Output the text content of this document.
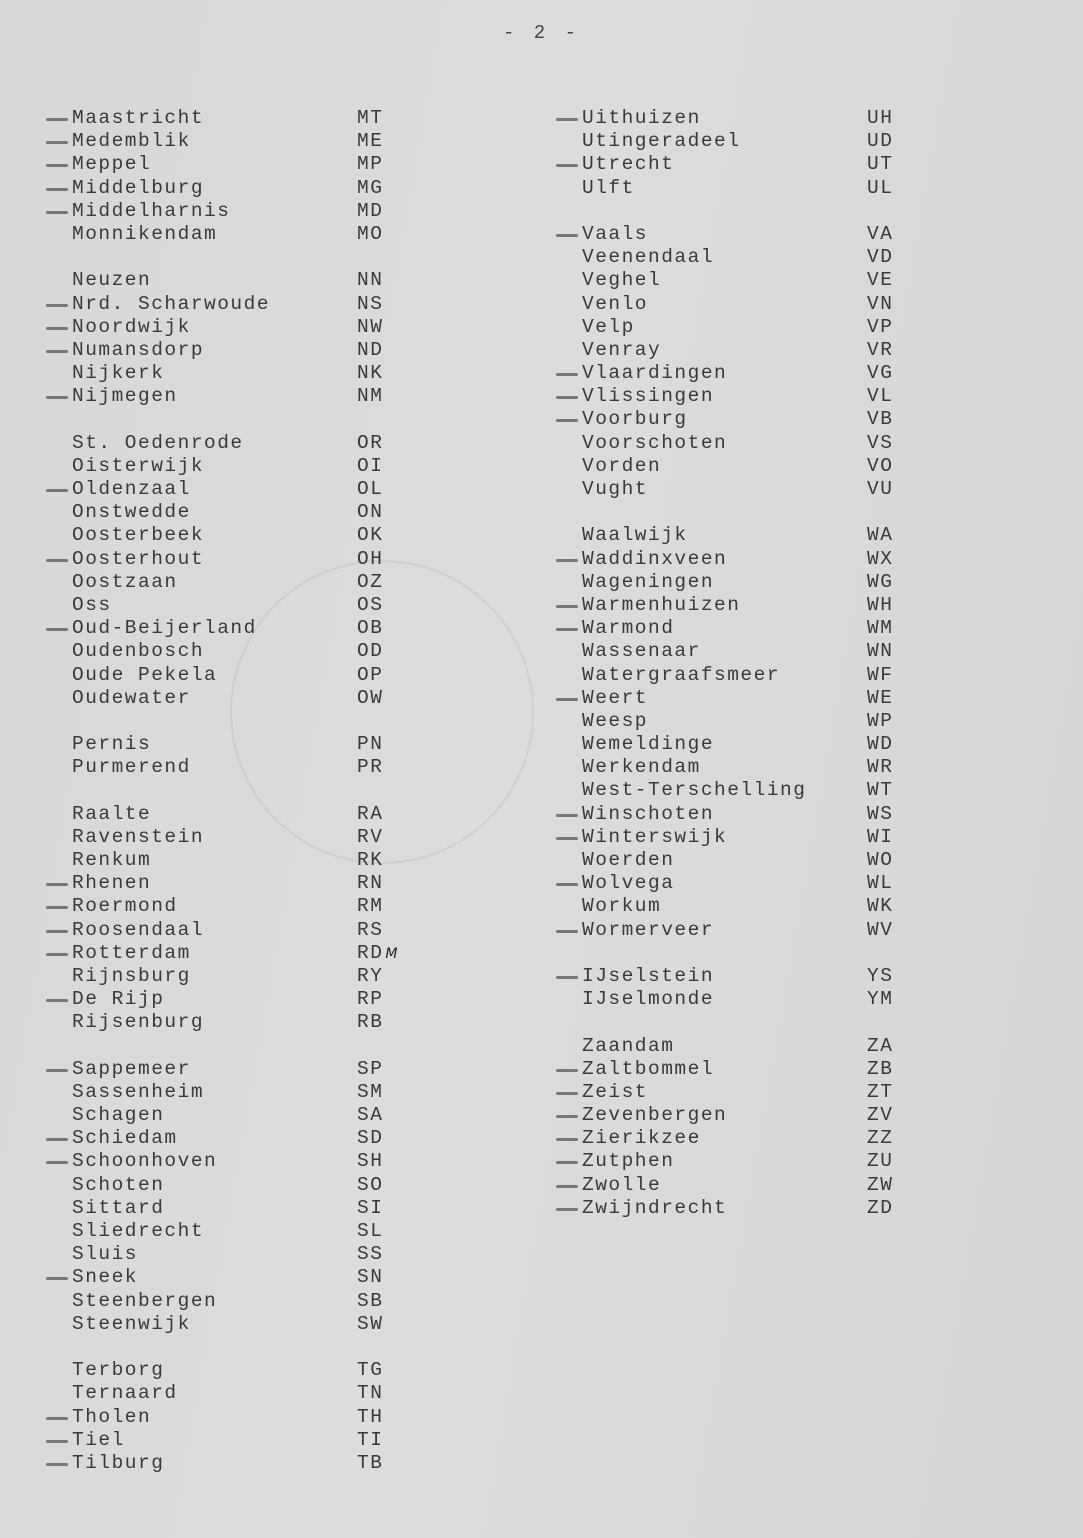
- 2 -
Maastricht	MT
Medemblik	ME
Meppel	MP
Middelburg	MG
Middelharnis	MD
Monnikendam	MO
Neuzen	NN
Nrd. Scharwoude	NS
Noordwijk	NW
Numansdorp	ND
Nijkerk	NK
Nijmegen	NM
St. Oedenrode	OR
Oisterwijk	OI
Oldenzaal	OL
Onstwedde	ON
Oosterbeek	OK
Oosterhout	OH
Oostzaan	OZ
Oss	OS
Oud-Beijerland	OB
Oudenbosch	OD
Oude Pekela	OP
Oudewater	OW
Pernis	PN
Purmerend	PR
Raalte	RA
Ravenstein	RV
Renkum	RK
Rhenen	RN
Roermond	RM
Roosendaal	RS
Rotterdam	RD M
Rijnsburg	RY
De Rijp	RP
Rijsenburg	RB
Sappemeer	SP
Sassenheim	SM
Schagen	SA
Schiedam	SD
Schoonhoven	SH
Schoten	SO
Sittard	SI
Sliedrecht	SL
Sluis	SS
Sneek	SN
Steenbergen	SB
Steenwijk	SW
Terborg	TG
Ternaard	TN
Tholen	TH
Tiel	TI
Tilburg	TB
Uithuizen	UH
Utingeradeel	UD
Utrecht	UT
Ulft	UL
Vaals	VA
Veenendaal	VD
Veghel	VE
Venlo	VN
Velp	VP
Venray	VR
Vlaardingen	VG
Vlissingen	VL
Voorburg	VB
Voorschoten	VS
Vorden	VO
Vught	VU
Waalwijk	WA
Waddinxveen	WX
Wageningen	WG
Warmenhuizen	WH
Warmond	WM
Wassenaar	WN
Watergraafsmeer	WF
Weert	WE
Weesp	WP
Wemeldinge	WD
Werkendam	WR
West-Terschelling	WT
Winschoten	WS
Winterswijk	WI
Woerden	WO
Wolvega	WL
Workum	WK
Wormerveer	WV
IJselstein	YS
IJselmonde	YM
Zaandam	ZA
Zaltbommel	ZB
Zeist	ZT
Zevenbergen	ZV
Zierikzee	ZZ
Zutphen	ZU
Zwolle	ZW
Zwijndrecht	ZD
